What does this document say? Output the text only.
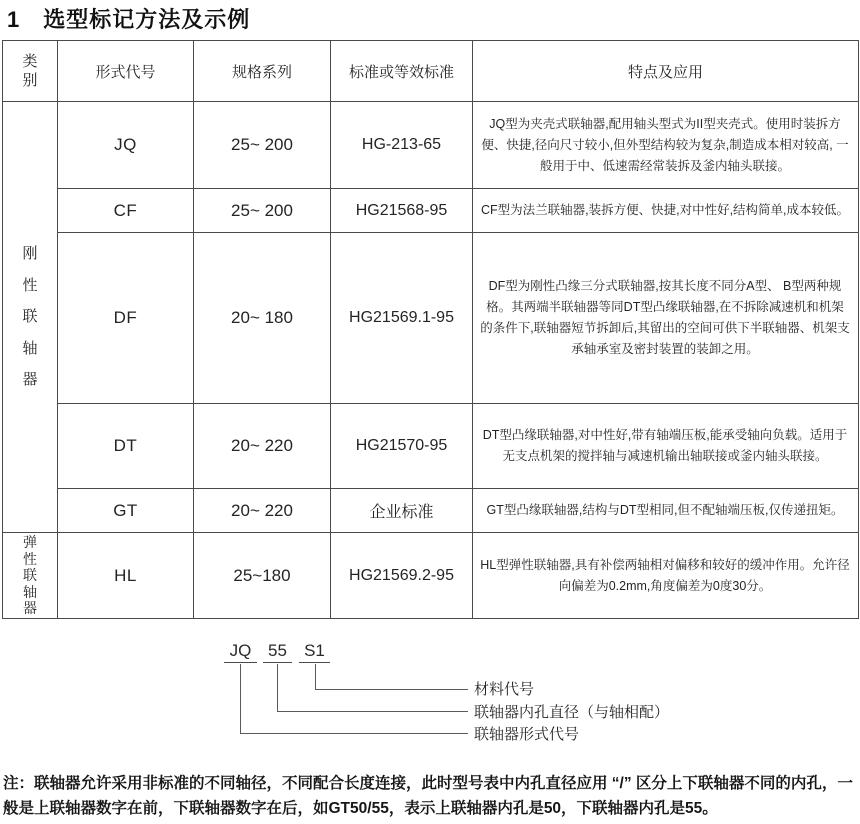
1　选型标记方法及示例
类别	形式代号	规格系列	标准或等效标准	特点及应用

刚性联轴器	JQ	25~ 200	HG-213-65	JQ型为夹壳式联轴器,配用轴头型式为II型夹壳式。使用时装拆方便、快捷,径向尺寸较小,但外型结构较为复杂,制造成本相对较高, 一般用于中、低速需经常装拆及釜内轴头联接。
	CF	25~ 200	HG21568-95	CF型为法兰联轴器,装拆方便、快捷,对中性好,结构简单,成本较低。
	DF	20~ 180	HG21569.1-95	DF型为刚性凸缘三分式联轴器,按其长度不同分A型、 B型两种规格。其两端半联轴器等同DT型凸缘联轴器,在不拆除减速机和机架的条件下,联轴器短节拆卸后,其留出的空间可供下半联轴器、机架支承轴承室及密封装置的装卸之用。
	DT	20~ 220	HG21570-95	DT型凸缘联轴器,对中性好,带有轴端压板,能承受轴向负载。适用于无支点机架的搅拌轴与减速机输出轴联接或釜内轴头联接。
	GT	20~ 220	企业标准	GT型凸缘联轴器,结构与DT型相同,但不配轴端压板,仅传递扭矩。

弹性联轴器	HL	25~180	HG21569.2-95	HL型弹性联轴器,具有补偿两轴相对偏移和较好的缓冲作用。允许径向偏差为0.2mm,角度偏差为0度30分。
JQ 55 S1
材料代号
联轴器内孔直径（与轴相配）
联轴器形式代号

注：联轴器允许采用非标准的不同轴径，不同配合长度连接，此时型号表中内孔直径应用 “/” 区分上下联轴器不同的内孔，一般是上联轴器数字在前，下联轴器数字在后，如GT50/55，表示上联轴器内孔是50，下联轴器内孔是55。
